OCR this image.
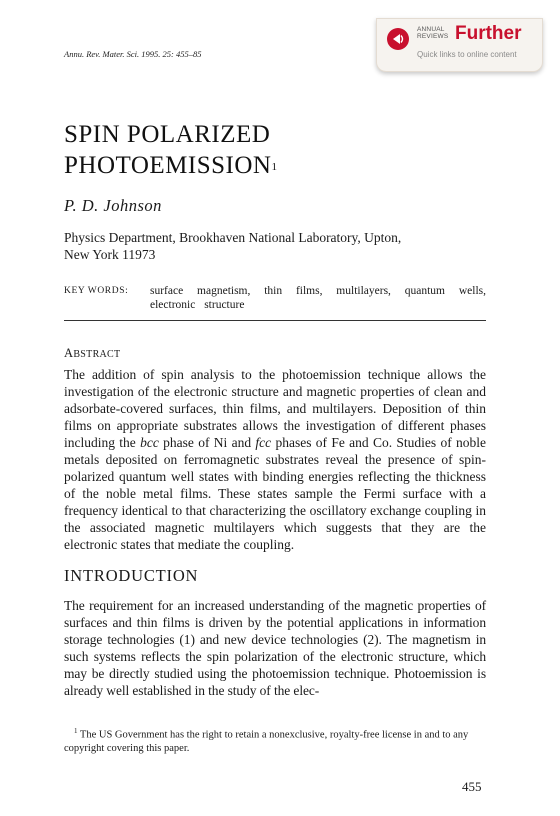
Annu. Rev. Mater. Sci. 1995. 25: 455–85
ANNUAL
REVIEWS Further
Quick links to online content
SPIN POLARIZED
PHOTOEMISSION$^1$
P. D. Johnson
Physics Department, Brookhaven National Laboratory, Upton,
New York 11973
KEY WORDS: surface magnetism, thin films, multilayers, quantum wells, electronic structure
ABSTRACT

The addition of spin analysis to the photoemission technique allows the investigation of the electronic structure and magnetic properties of clean and adsorbate-covered surfaces, thin films, and multilayers. Deposition of thin films on appropriate substrates allows the investigation of different phases including the bcc phase of Ni and fcc phases of Fe and Co. Studies of noble metals deposited on ferromagnetic substrates reveal the presence of spin-polarized quantum well states with binding energies reflecting the thickness of the noble metal films. These states sample the Fermi surface with a frequency identical to that characterizing the oscillatory exchange coupling in the associated magnetic multilayers which suggests that they are the electronic states that mediate the coupling.

INTRODUCTION

The requirement for an increased understanding of the magnetic properties of surfaces and thin films is driven by the potential applications in information storage technologies (1) and new device technologies (2). The magnetism in such systems reflects the spin polarization of the electronic structure, which may be directly studied using the photoemission technique. Photoemission is already well established in the study of the elec-

$^1$ The US Government has the right to retain a nonexclusive, royalty-free license in and to any copyright covering this paper.

455
